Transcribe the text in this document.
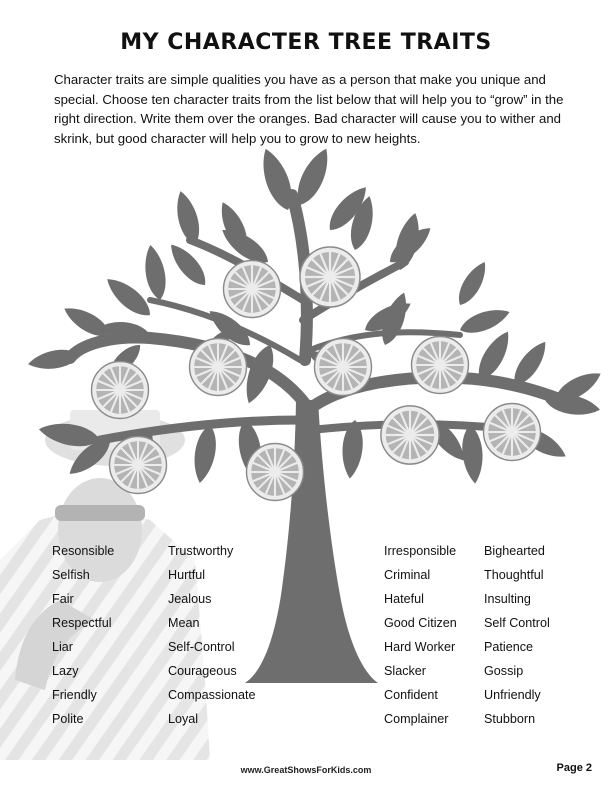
MY CHARACTER TREE TRAITS

Character traits are simple qualities you have as a person that make you unique and special. Choose ten character traits from the list below that will help you to “grow” in the right direction. Write them over the oranges. Bad character will cause you to wither and skrink, but good character will help you to grow to new heights.

Resonsible
Selfish
Fair
Respectful
Liar
Lazy
Friendly
Polite
Trustworthy
Hurtful
Jealous
Mean
Self-Control
Courageous
Compassionate
Loyal
Irresponsible
Criminal
Hateful
Good Citizen
Hard Worker
Slacker
Confident
Complainer
Bighearted
Thoughtful
Insulting
Self Control
Patience
Gossip
Unfriendly
Stubborn
www.GreatShowsForKids.com	Page 2
